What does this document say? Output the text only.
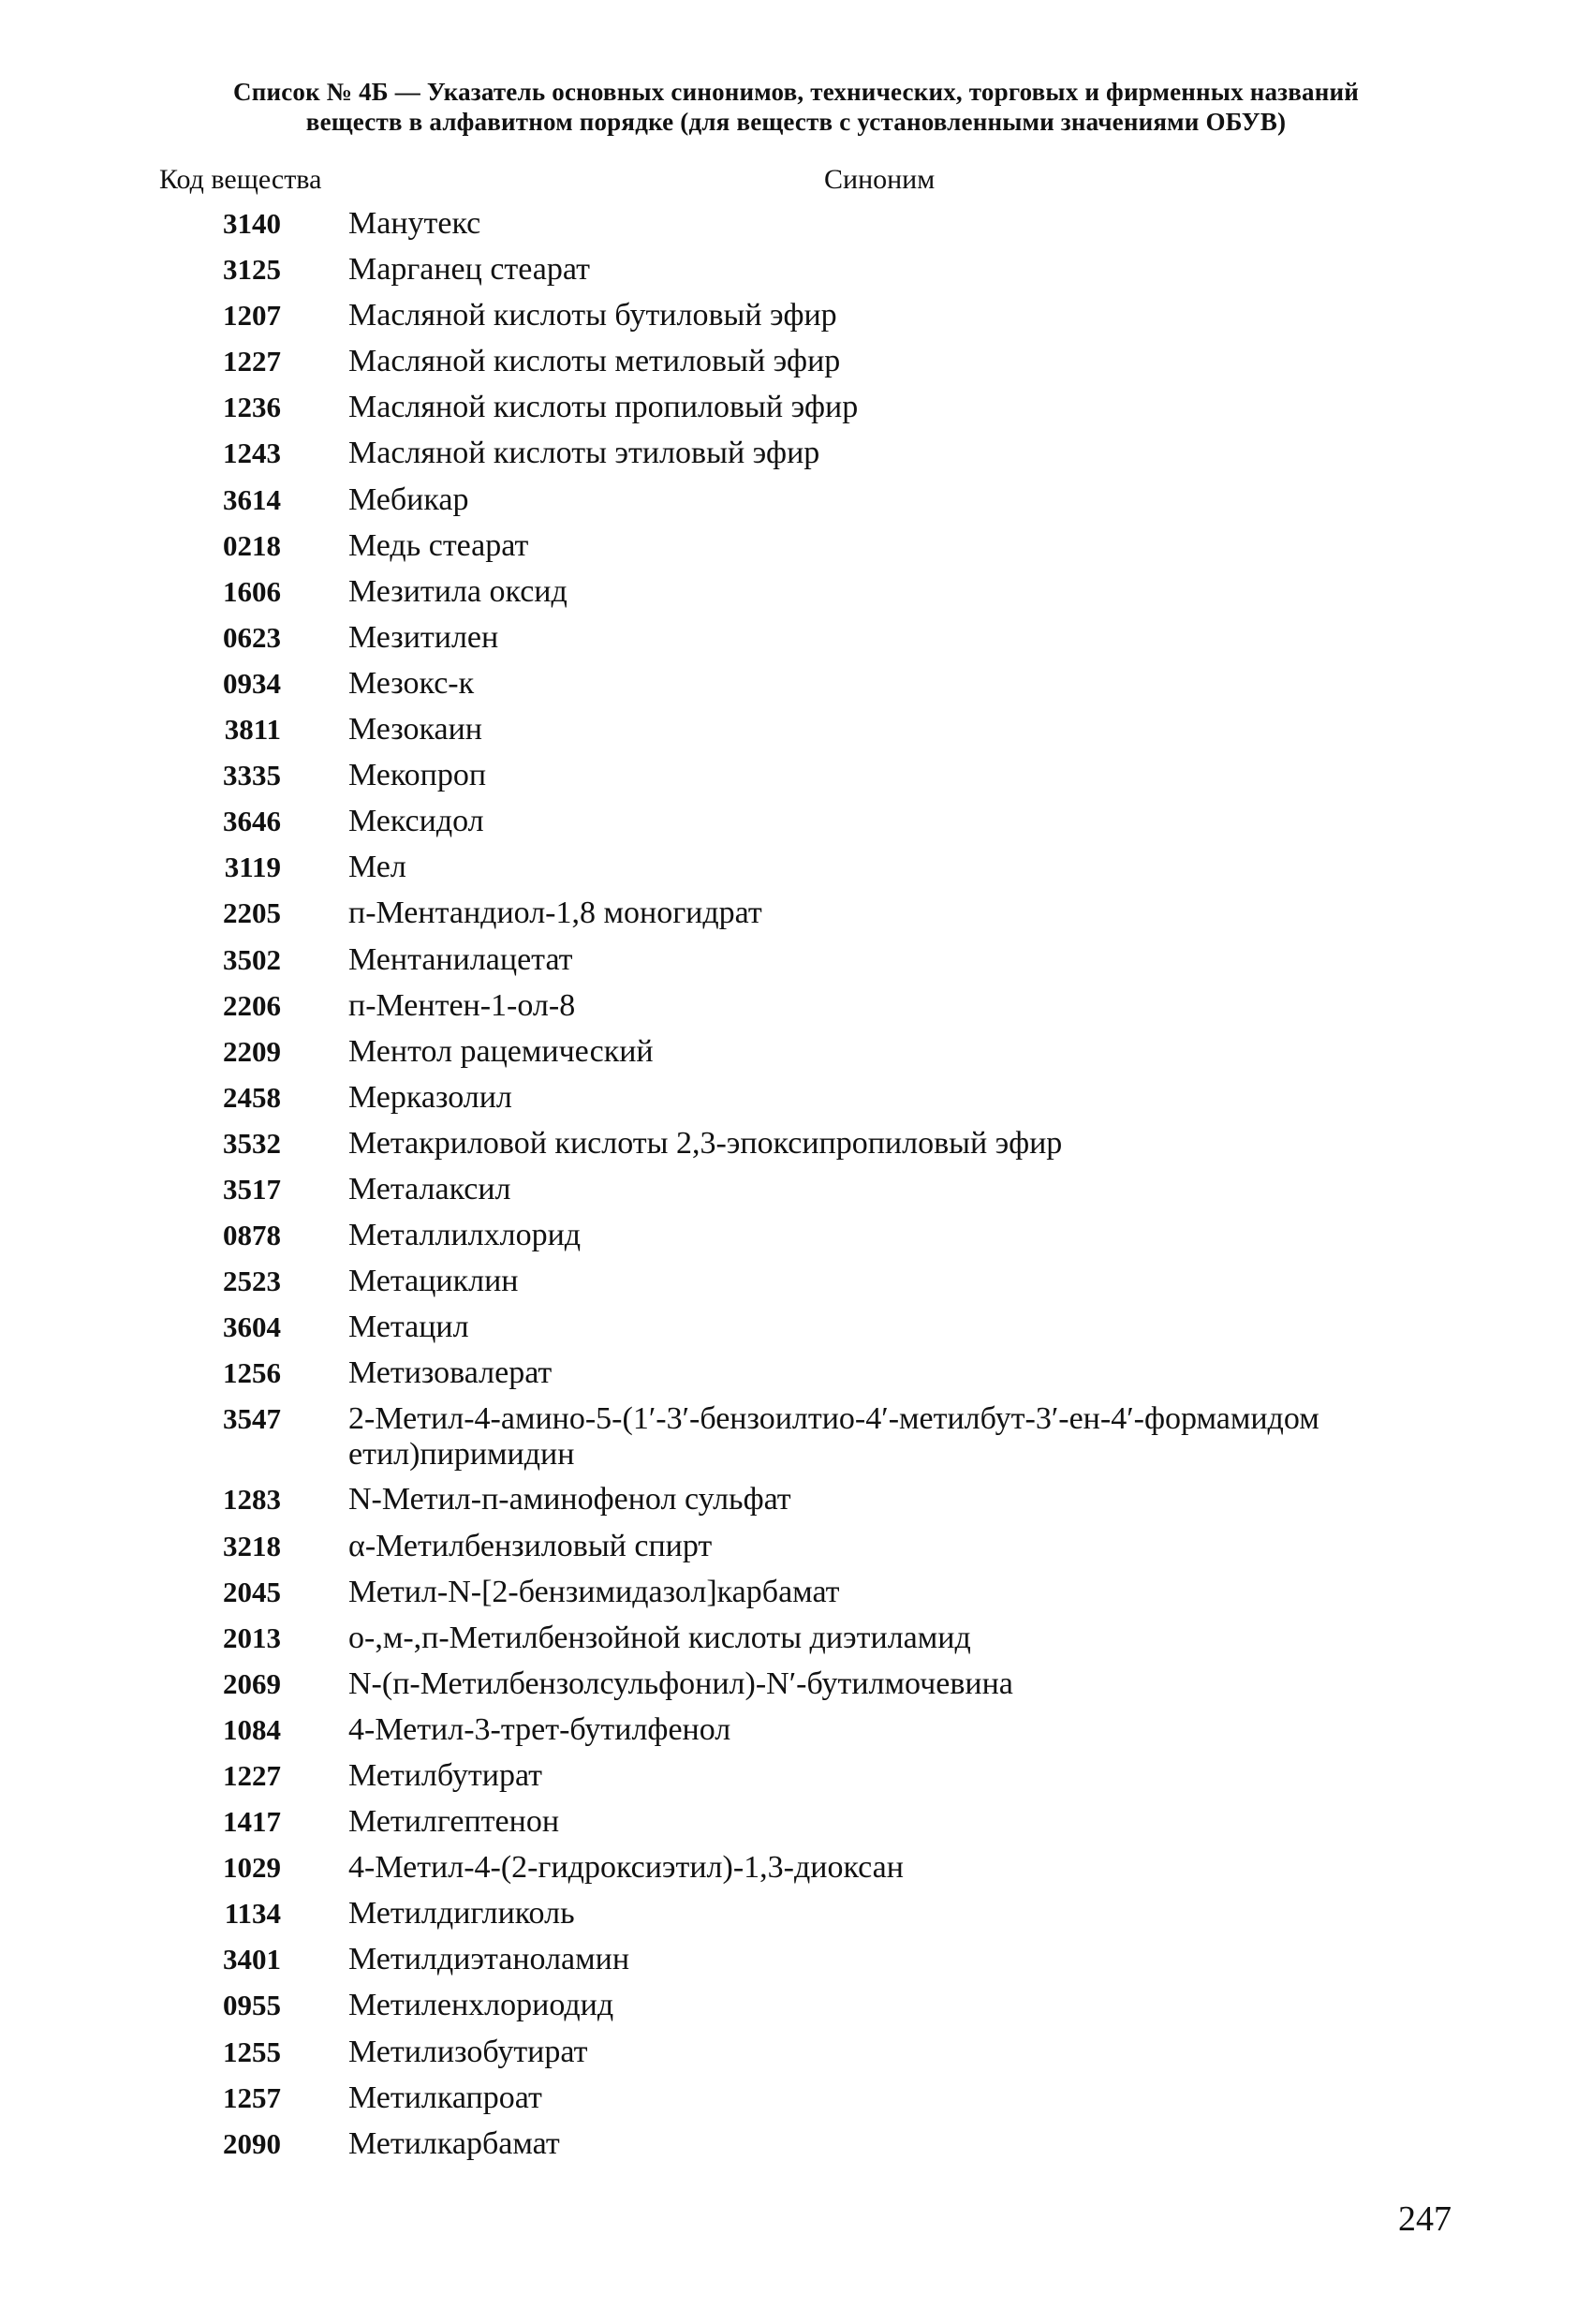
Список № 4Б — Указатель основных синонимов, технических, торговых и фирменных названий
веществ в алфавитном порядке (для веществ с установленными значениями ОБУВ)
Код вещества	Синоним
3140 Манутекс
3125 Марганец стеарат
1207 Масляной кислоты бутиловый эфир
1227 Масляной кислоты метиловый эфир
1236 Масляной кислоты пропиловый эфир
1243 Масляной кислоты этиловый эфир
3614 Мебикар
0218 Медь стеарат
1606 Мезитила оксид
0623 Мезитилен
0934 Мезокс-к
3811 Мезокаин
3335 Мекопроп
3646 Мексидол
3119 Мел
2205 п-Ментандиол-1,8 моногидрат
3502 Ментанилацетат
2206 п-Ментен-1-ол-8
2209 Ментол рацемический
2458 Мерказолил
3532 Метакриловой кислоты 2,3-эпоксипропиловый эфир
3517 Металаксил
0878 Металлилхлорид
2523 Метациклин
3604 Метацил
1256 Метизовалерат
3547 2-Метил-4-амино-5-(1′-3′-бензоилтио-4′-метилбут-3′-ен-4′-формамидом етил)пиримидин
1283 N-Метил-п-аминофенол сульфат
3218 α-Метилбензиловый спирт
2045 Метил-N-[2-бензимидазол]карбамат
2013 о-,м-,п-Метилбензойной кислоты диэтиламид
2069 N-(п-Метилбензолсульфонил)-N′-бутилмочевина
1084 4-Метил-3-трет-бутилфенол
1227 Метилбутират
1417 Метилгептенон
1029 4-Метил-4-(2-гидроксиэтил)-1,3-диоксан
1134 Метилдигликоль
3401 Метилдиэтаноламин
0955 Метиленхлориодид
1255 Метилизобутират
1257 Метилкапроат
2090 Метилкарбамат
247
